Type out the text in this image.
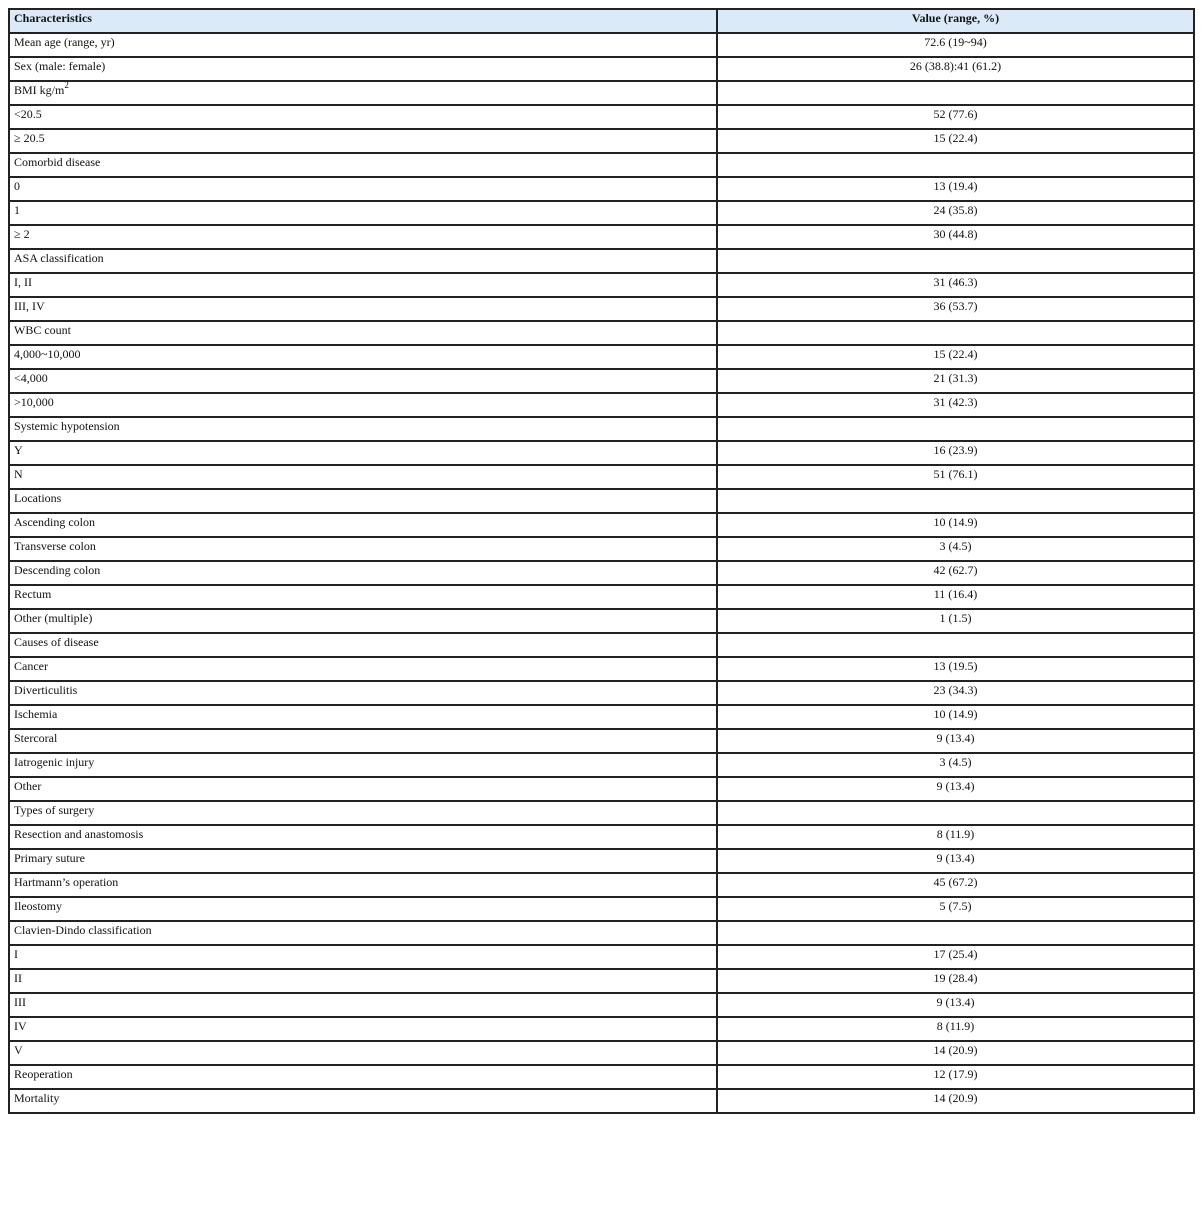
Characteristics	Value (range, %)
Mean age (range, yr)	72.6 (19~94)
Sex (male: female)	26 (38.8):41 (61.2)
BMI $kg/m^2$	
<20.5	52 (77.6)
≥ 20.5	15 (22.4)
Comorbid disease	
0	13 (19.4)
1	24 (35.8)
≥ 2	30 (44.8)
ASA classification	
I, II	31 (46.3)
III, IV	36 (53.7)
WBC count	
4,000~10,000	15 (22.4)
<4,000	21 (31.3)
>10,000	31 (42.3)
Systemic hypotension	
Y	16 (23.9)
N	51 (76.1)
Locations	
Ascending colon	10 (14.9)
Transverse colon	3 (4.5)
Descending colon	42 (62.7)
Rectum	11 (16.4)
Other (multiple)	1 (1.5)
Causes of disease	
Cancer	13 (19.5)
Diverticulitis	23 (34.3)
Ischemia	10 (14.9)
Stercoral	9 (13.4)
Iatrogenic injury	3 (4.5)
Other	9 (13.4)
Types of surgery	
Resection and anastomosis	8 (11.9)
Primary suture	9 (13.4)
Hartmann’s operation	45 (67.2)
Ileostomy	5 (7.5)
Clavien-Dindo classification	
I	17 (25.4)
II	19 (28.4)
III	9 (13.4)
IV	8 (11.9)
V	14 (20.9)
Reoperation	12 (17.9)
Mortality	14 (20.9)
